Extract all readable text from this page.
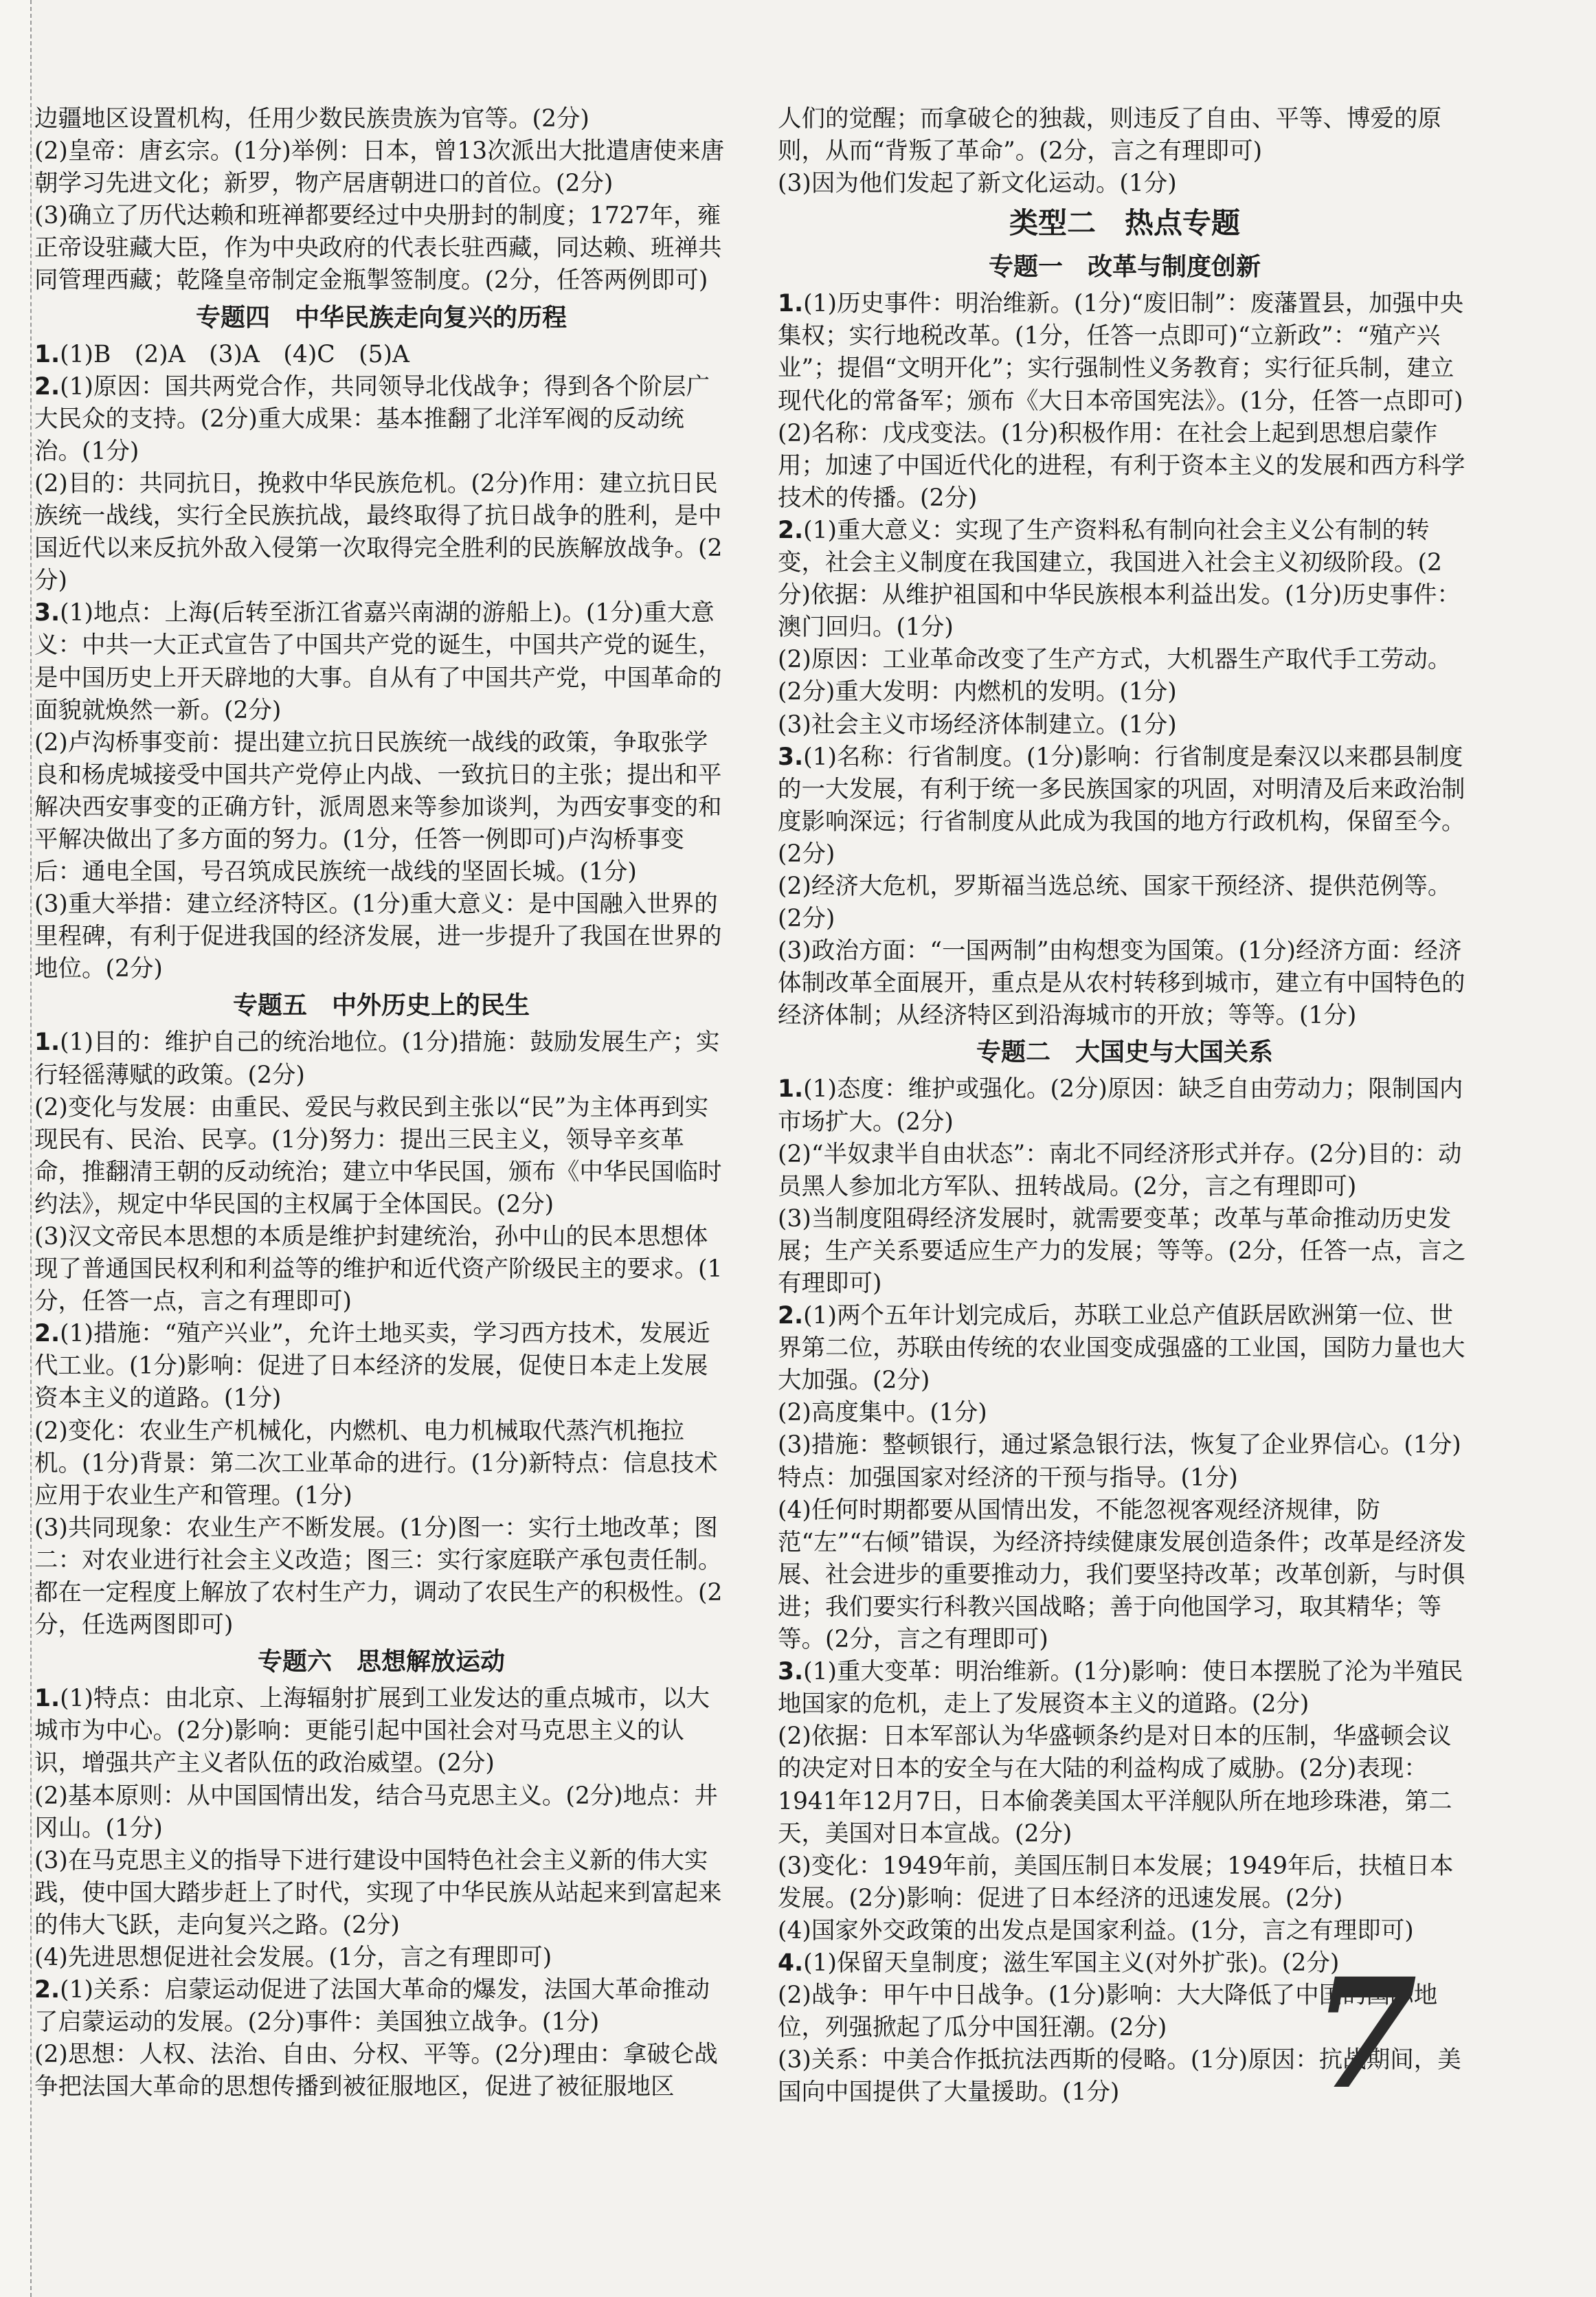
边疆地区设置机构，任用少数民族贵族为官等。(2分)

(2)皇帝：唐玄宗。(1分)举例：日本，曾13次派出大批遣唐使来唐朝学习先进文化；新罗，物产居唐朝进口的首位。(2分)

(3)确立了历代达赖和班禅都要经过中央册封的制度；1727年，雍正帝设驻藏大臣，作为中央政府的代表长驻西藏，同达赖、班禅共同管理西藏；乾隆皇帝制定金瓶掣签制度。(2分，任答两例即可)

专题四　中华民族走向复兴的历程

1.(1)B　(2)A　(3)A　(4)C　(5)A

2.(1)原因：国共两党合作，共同领导北伐战争；得到各个阶层广大民众的支持。(2分)重大成果：基本推翻了北洋军阀的反动统治。(1分)

(2)目的：共同抗日，挽救中华民族危机。(2分)作用：建立抗日民族统一战线，实行全民族抗战，最终取得了抗日战争的胜利，是中国近代以来反抗外敌入侵第一次取得完全胜利的民族解放战争。(2分)

3.(1)地点：上海(后转至浙江省嘉兴南湖的游船上)。(1分)重大意义：中共一大正式宣告了中国共产党的诞生，中国共产党的诞生，是中国历史上开天辟地的大事。自从有了中国共产党，中国革命的面貌就焕然一新。(2分)

(2)卢沟桥事变前：提出建立抗日民族统一战线的政策，争取张学良和杨虎城接受中国共产党停止内战、一致抗日的主张；提出和平解决西安事变的正确方针，派周恩来等参加谈判，为西安事变的和平解决做出了多方面的努力。(1分，任答一例即可)卢沟桥事变后：通电全国，号召筑成民族统一战线的坚固长城。(1分)

(3)重大举措：建立经济特区。(1分)重大意义：是中国融入世界的里程碑，有利于促进我国的经济发展，进一步提升了我国在世界的地位。(2分)

专题五　中外历史上的民生

1.(1)目的：维护自己的统治地位。(1分)措施：鼓励发展生产；实行轻徭薄赋的政策。(2分)

(2)变化与发展：由重民、爱民与救民到主张以“民”为主体再到实现民有、民治、民享。(1分)努力：提出三民主义，领导辛亥革命，推翻清王朝的反动统治；建立中华民国，颁布《中华民国临时约法》，规定中华民国的主权属于全体国民。(2分)

(3)汉文帝民本思想的本质是维护封建统治，孙中山的民本思想体现了普通国民权利和利益等的维护和近代资产阶级民主的要求。(1分，任答一点，言之有理即可)

2.(1)措施：“殖产兴业”，允许土地买卖，学习西方技术，发展近代工业。(1分)影响：促进了日本经济的发展，促使日本走上发展资本主义的道路。(1分)

(2)变化：农业生产机械化，内燃机、电力机械取代蒸汽机拖拉机。(1分)背景：第二次工业革命的进行。(1分)新特点：信息技术应用于农业生产和管理。(1分)

(3)共同现象：农业生产不断发展。(1分)图一：实行土地改革；图二：对农业进行社会主义改造；图三：实行家庭联产承包责任制。都在一定程度上解放了农村生产力，调动了农民生产的积极性。(2分，任选两图即可)

专题六　思想解放运动

1.(1)特点：由北京、上海辐射扩展到工业发达的重点城市，以大城市为中心。(2分)影响：更能引起中国社会对马克思主义的认识，增强共产主义者队伍的政治威望。(2分)

(2)基本原则：从中国国情出发，结合马克思主义。(2分)地点：井冈山。(1分)

(3)在马克思主义的指导下进行建设中国特色社会主义新的伟大实践，使中国大踏步赶上了时代，实现了中华民族从站起来到富起来的伟大飞跃，走向复兴之路。(2分)

(4)先进思想促进社会发展。(1分，言之有理即可)

2.(1)关系：启蒙运动促进了法国大革命的爆发，法国大革命推动了启蒙运动的发展。(2分)事件：美国独立战争。(1分)

(2)思想：人权、法治、自由、分权、平等。(2分)理由：拿破仑战争把法国大革命的思想传播到被征服地区，促进了被征服地区

人们的觉醒；而拿破仑的独裁，则违反了自由、平等、博爱的原则，从而“背叛了革命”。(2分，言之有理即可)

(3)因为他们发起了新文化运动。(1分)

类型二　热点专题
专题一　改革与制度创新

1.(1)历史事件：明治维新。(1分)“废旧制”：废藩置县，加强中央集权；实行地税改革。(1分，任答一点即可)“立新政”：“殖产兴业”；提倡“文明开化”；实行强制性义务教育；实行征兵制，建立现代化的常备军；颁布《大日本帝国宪法》。(1分，任答一点即可)

(2)名称：戊戌变法。(1分)积极作用：在社会上起到思想启蒙作用；加速了中国近代化的进程，有利于资本主义的发展和西方科学技术的传播。(2分)

2.(1)重大意义：实现了生产资料私有制向社会主义公有制的转变，社会主义制度在我国建立，我国进入社会主义初级阶段。(2分)依据：从维护祖国和中华民族根本利益出发。(1分)历史事件：澳门回归。(1分)

(2)原因：工业革命改变了生产方式，大机器生产取代手工劳动。(2分)重大发明：内燃机的发明。(1分)

(3)社会主义市场经济体制建立。(1分)

3.(1)名称：行省制度。(1分)影响：行省制度是秦汉以来郡县制度的一大发展，有利于统一多民族国家的巩固，对明清及后来政治制度影响深远；行省制度从此成为我国的地方行政机构，保留至今。(2分)

(2)经济大危机，罗斯福当选总统、国家干预经济、提供范例等。(2分)

(3)政治方面：“一国两制”由构想变为国策。(1分)经济方面：经济体制改革全面展开，重点是从农村转移到城市，建立有中国特色的经济体制；从经济特区到沿海城市的开放；等等。(1分)

专题二　大国史与大国关系

1.(1)态度：维护或强化。(2分)原因：缺乏自由劳动力；限制国内市场扩大。(2分)

(2)“半奴隶半自由状态”：南北不同经济形式并存。(2分)目的：动员黑人参加北方军队、扭转战局。(2分，言之有理即可)

(3)当制度阻碍经济发展时，就需要变革；改革与革命推动历史发展；生产关系要适应生产力的发展；等等。(2分，任答一点，言之有理即可)

2.(1)两个五年计划完成后，苏联工业总产值跃居欧洲第一位、世界第二位，苏联由传统的农业国变成强盛的工业国，国防力量也大大加强。(2分)

(2)高度集中。(1分)

(3)措施：整顿银行，通过紧急银行法，恢复了企业界信心。(1分)特点：加强国家对经济的干预与指导。(1分)

(4)任何时期都要从国情出发，不能忽视客观经济规律，防范“左”“右倾”错误，为经济持续健康发展创造条件；改革是经济发展、社会进步的重要推动力，我们要坚持改革；改革创新，与时俱进；我们要实行科教兴国战略；善于向他国学习，取其精华；等等。(2分，言之有理即可)

3.(1)重大变革：明治维新。(1分)影响：使日本摆脱了沦为半殖民地国家的危机，走上了发展资本主义的道路。(2分)

(2)依据：日本军部认为华盛顿条约是对日本的压制，华盛顿会议的决定对日本的安全与在大陆的利益构成了威胁。(2分)表现：1941年12月7日，日本偷袭美国太平洋舰队所在地珍珠港，第二天，美国对日本宣战。(2分)

(3)变化：1949年前，美国压制日本发展；1949年后，扶植日本发展。(2分)影响：促进了日本经济的迅速发展。(2分)

(4)国家外交政策的出发点是国家利益。(1分，言之有理即可)

4.(1)保留天皇制度；滋生军国主义(对外扩张)。(2分)

(2)战争：甲午中日战争。(1分)影响：大大降低了中国的国际地位，列强掀起了瓜分中国狂潮。(2分)

(3)关系：中美合作抵抗法西斯的侵略。(1分)原因：抗战期间，美国向中国提供了大量援助。(1分)	7
